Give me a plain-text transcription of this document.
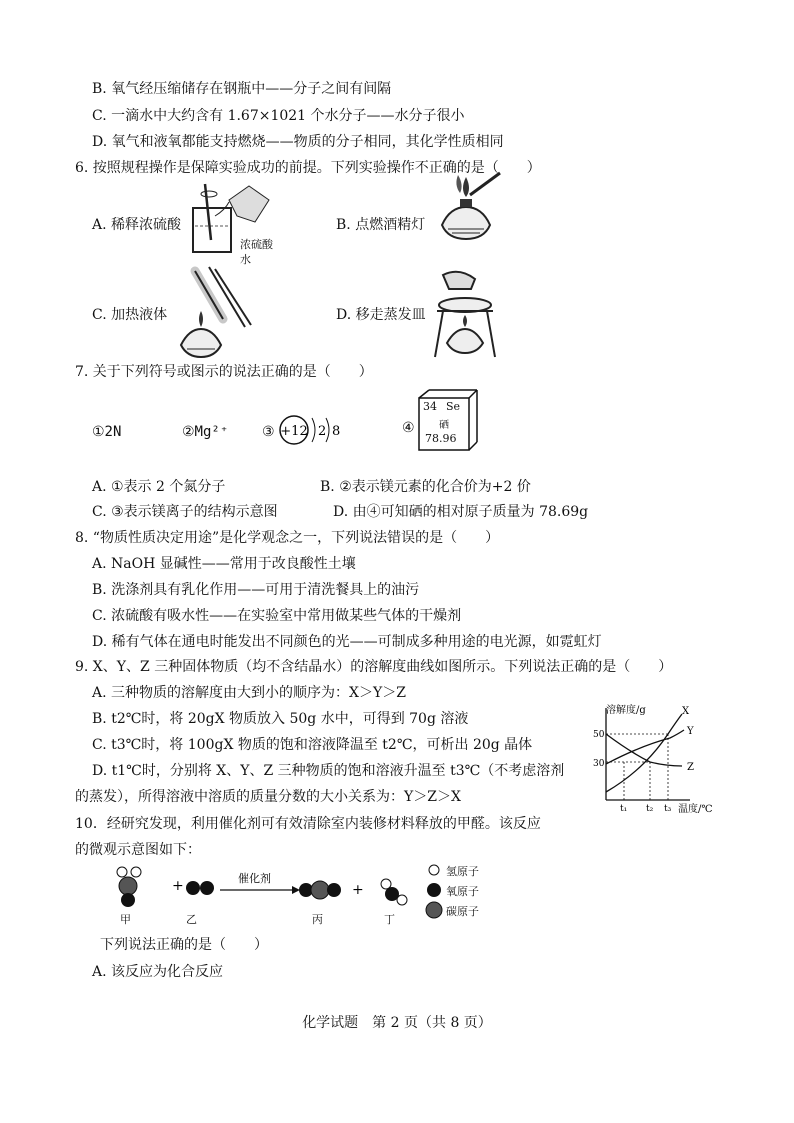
B. 氧气经压缩储存在钢瓶中——分子之间有间隔
C. 一滴水中大约含有 1.67×1021 个水分子——水分子很小
D. 氧气和液氧都能支持燃烧——物质的分子相同，其化学性质相同
6. 按照规程操作是保障实验成功的前提。下列实验操作不正确的是（　　）
A. 稀释浓硫酸	B. 点燃酒精灯
C. 加热液体	D. 移走蒸发皿
浓硫酸
水
7. 关于下列符号或图示的说法正确的是（　　）
①2N	②Mg²⁺ ③ +12 2 8	④
34 Se
硒
78.96
A. ①表示 2 个氮分子	B. ②表示镁元素的化合价为+2 价
C. ③表示镁离子的结构示意图	D. 由④可知硒的相对原子质量为 78.69g
8. “物质性质决定用途”是化学观念之一，下列说法错误的是（　　）
A. NaOH 显碱性——常用于改良酸性土壤
B. 洗涤剂具有乳化作用——可用于清洗餐具上的油污
C. 浓硫酸有吸水性——在实验室中常用做某些气体的干燥剂
D. 稀有气体在通电时能发出不同颜色的光——可制成多种用途的电光源，如霓虹灯
9. X、Y、Z 三种固体物质（均不含结晶水）的溶解度曲线如图所示。下列说法正确的是（　　）
A. 三种物质的溶解度由大到小的顺序为：X＞Y＞Z
B. t2℃时，将 20gX 物质放入 50g 水中，可得到 70g 溶液
C. t3℃时，将 100gX 物质的饱和溶液降温至 t2℃，可析出 20g 晶体
D. t1℃时，分别将 X、Y、Z 三种物质的饱和溶液升温至 t3℃（不考虑溶剂
的蒸发），所得溶液中溶质的质量分数的大小关系为：Y＞Z＞X
溶解度/g
温度/℃
50
30
X
Y
Z
t₁ t₂ t₃
10．经研究发现，利用催化剂可有效清除室内装修材料释放的甲醛。该反应
的微观示意图如下：
+	催化剂
+
甲	乙	丙	丁
氢原子
氧原子
碳原子
下列说法正确的是（　　）
A. 该反应为化合反应
化学试题　第 2 页（共 8 页）
